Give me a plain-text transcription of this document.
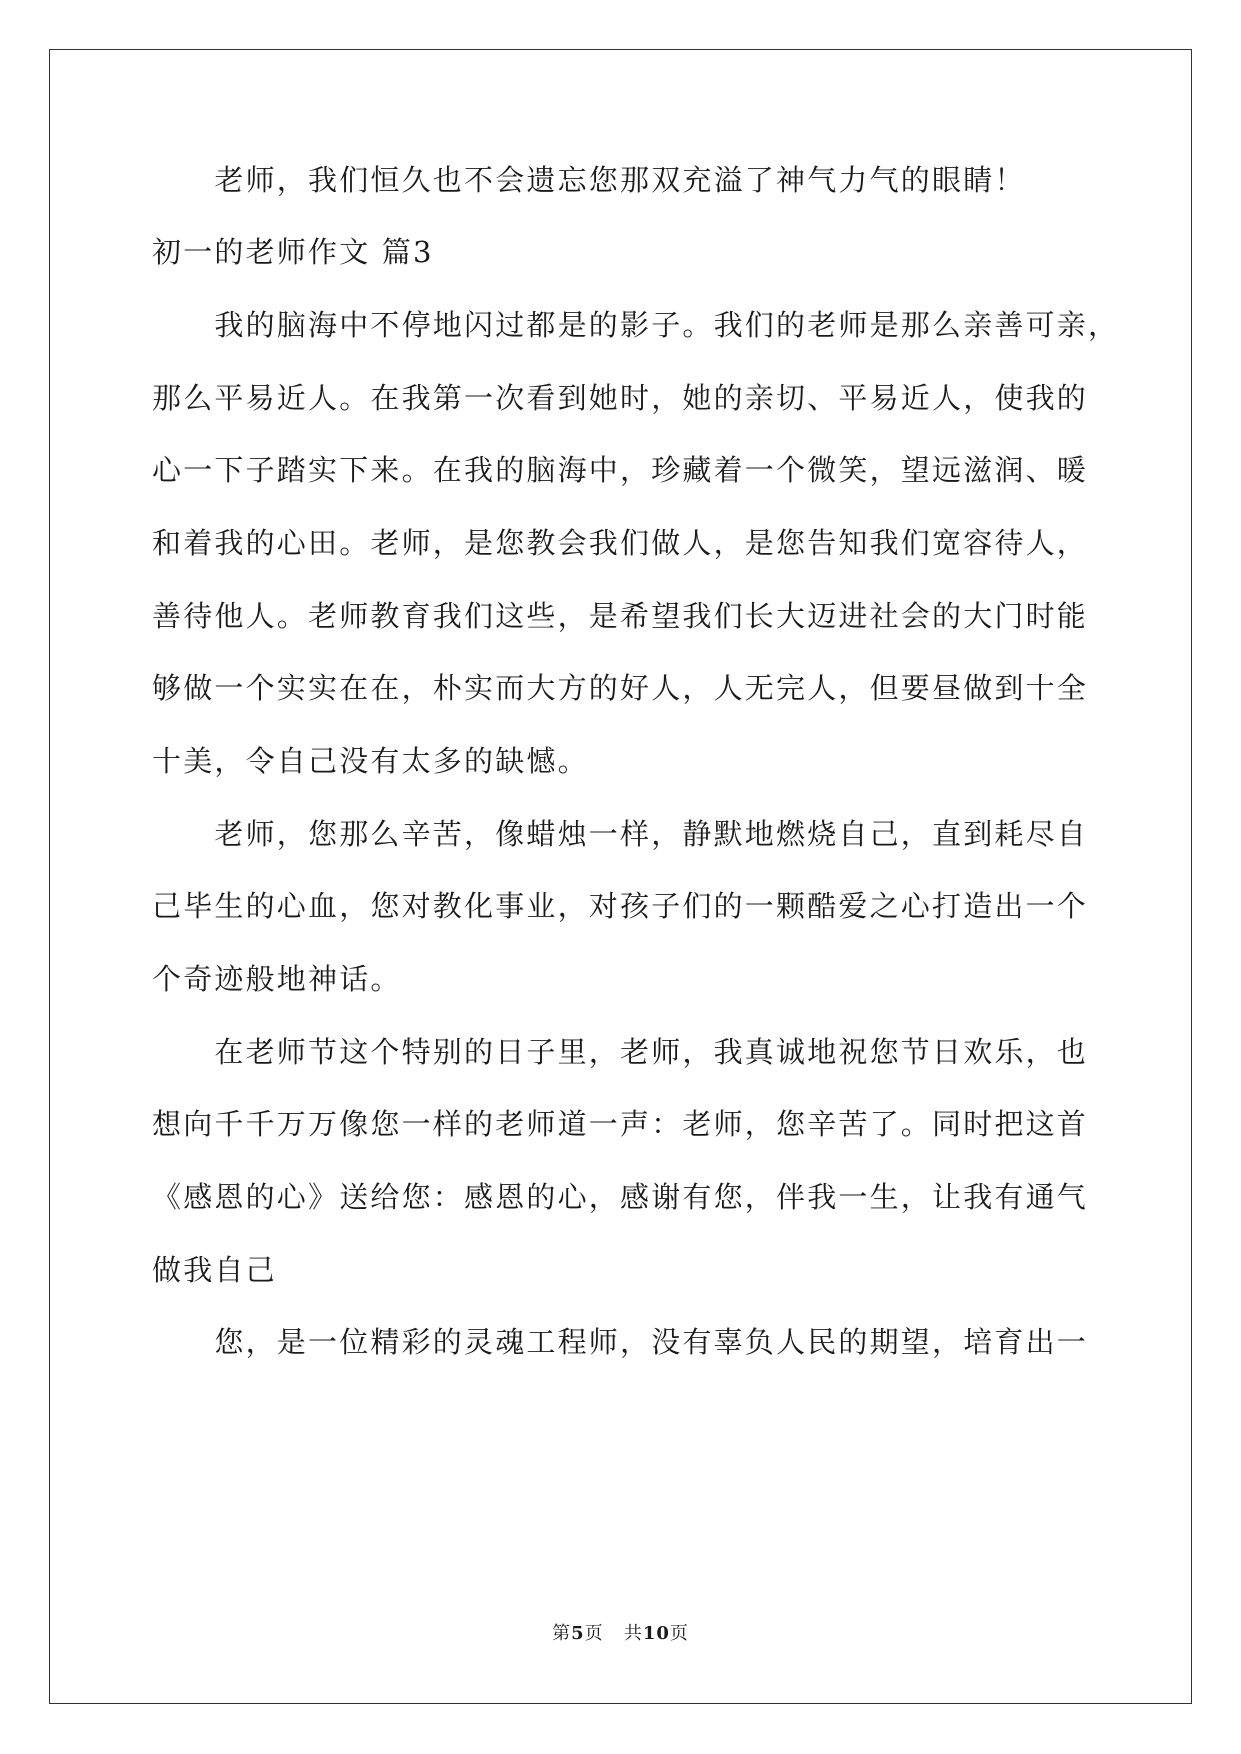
　　老师，我们恒久也不会遗忘您那双充溢了神气力气的眼睛！
初一的老师作文 篇3
　　我的脑海中不停地闪过都是的影子。我们的老师是那么亲善可亲，
那么平易近人。在我第一次看到她时，她的亲切、平易近人，使我的
心一下子踏实下来。在我的脑海中，珍藏着一个微笑，望远滋润、暖
和着我的心田。老师，是您教会我们做人，是您告知我们宽容待人，
善待他人。老师教育我们这些，是希望我们长大迈进社会的大门时能
够做一个实实在在，朴实而大方的好人，人无完人，但要昼做到十全
十美，令自己没有太多的缺憾。
　　老师，您那么辛苦，像蜡烛一样，静默地燃烧自己，直到耗尽自
己毕生的心血，您对教化事业，对孩子们的一颗酷爱之心打造出一个
个奇迹般地神话。
　　在老师节这个特别的日子里，老师，我真诚地祝您节日欢乐，也
想向千千万万像您一样的老师道一声：老师，您辛苦了。同时把这首
《感恩的心》送给您：感恩的心，感谢有您，伴我一生，让我有通气
做我自己
　　您，是一位精彩的灵魂工程师，没有辜负人民的期望，培育出一
第5页 共10页
